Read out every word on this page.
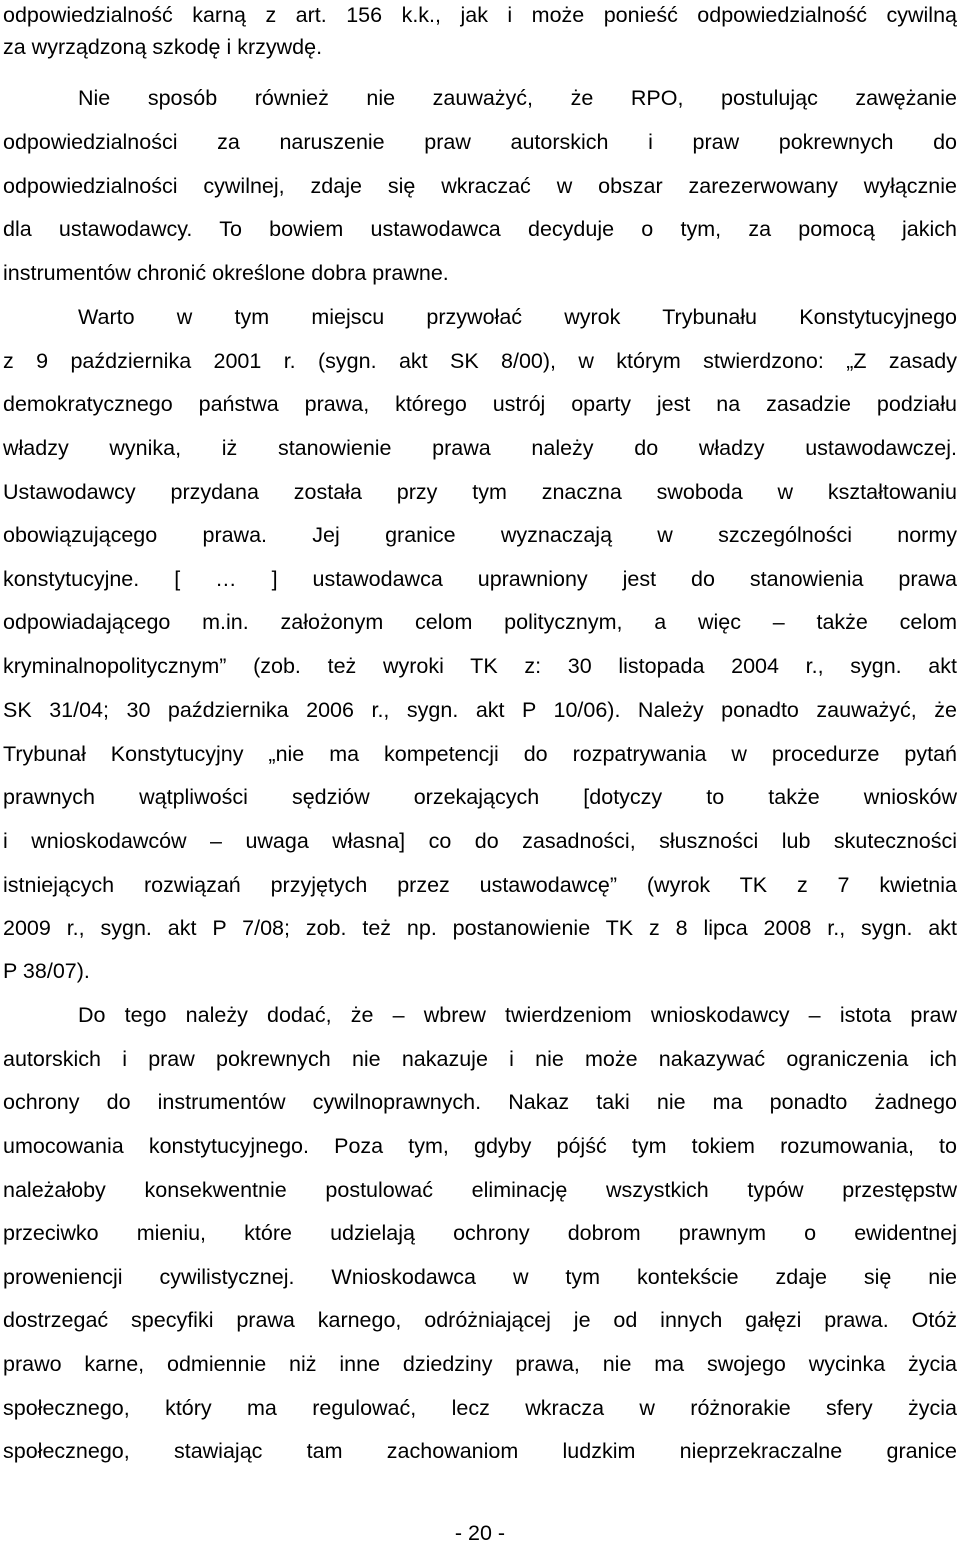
odpowiedzialność karną z art. 156 k.k., jak i może ponieść odpowiedzialność cywilną
za wyrządzoną szkodę i krzywdę.
Nie sposób również nie zauważyć, że RPO, postulując zawężanie
odpowiedzialności za naruszenie praw autorskich i praw pokrewnych do
odpowiedzialności cywilnej, zdaje się wkraczać w obszar zarezerwowany wyłącznie
dla ustawodawcy. To bowiem ustawodawca decyduje o tym, za pomocą jakich
instrumentów chronić określone dobra prawne.
Warto w tym miejscu przywołać wyrok Trybunału Konstytucyjnego
z 9 października 2001 r. (sygn. akt SK 8/00), w którym stwierdzono: „Z zasady
demokratycznego państwa prawa, którego ustrój oparty jest na zasadzie podziału
władzy wynika, iż stanowienie prawa należy do władzy ustawodawczej.
Ustawodawcy przydana została przy tym znaczna swoboda w kształtowaniu
obowiązującego prawa. Jej granice wyznaczają w szczególności normy
konstytucyjne. [ … ] ustawodawca uprawniony jest do stanowienia prawa
odpowiadającego m.in. założonym celom politycznym, a więc – także celom
kryminalnopolitycznym” (zob. też wyroki TK z: 30 listopada 2004 r., sygn. akt
SK 31/04; 30 października 2006 r., sygn. akt P 10/06). Należy ponadto zauważyć, że
Trybunał Konstytucyjny „nie ma kompetencji do rozpatrywania w procedurze pytań
prawnych wątpliwości sędziów orzekających [dotyczy to także wniosków
i wnioskodawców – uwaga własna] co do zasadności, słuszności lub skuteczności
istniejących rozwiązań przyjętych przez ustawodawcę” (wyrok TK z 7 kwietnia
2009 r., sygn. akt P 7/08; zob. też np. postanowienie TK z 8 lipca 2008 r., sygn. akt
P 38/07).
Do tego należy dodać, że – wbrew twierdzeniom wnioskodawcy – istota praw
autorskich i praw pokrewnych nie nakazuje i nie może nakazywać ograniczenia ich
ochrony do instrumentów cywilnoprawnych. Nakaz taki nie ma ponadto żadnego
umocowania konstytucyjnego. Poza tym, gdyby pójść tym tokiem rozumowania, to
należałoby konsekwentnie postulować eliminację wszystkich typów przestępstw
przeciwko mieniu, które udzielają ochrony dobrom prawnym o ewidentnej
proweniencji cywilistycznej. Wnioskodawca w tym kontekście zdaje się nie
dostrzegać specyfiki prawa karnego, odróżniającej je od innych gałęzi prawa. Otóż
prawo karne, odmiennie niż inne dziedziny prawa, nie ma swojego wycinka życia
społecznego, który ma regulować, lecz wkracza w różnorakie sfery życia
społecznego, stawiając tam zachowaniom ludzkim nieprzekraczalne granice
- 20 -
